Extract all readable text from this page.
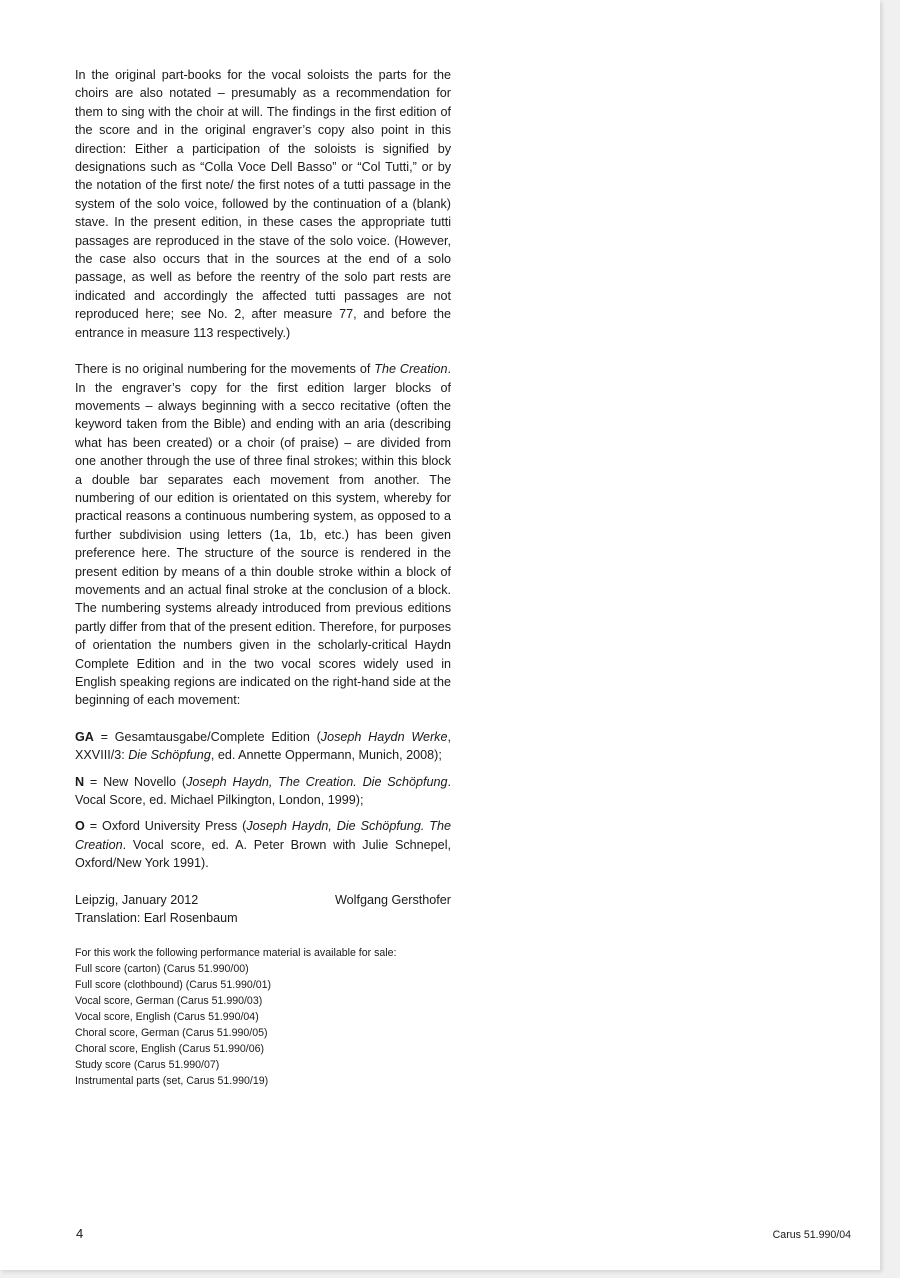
In the original part-books for the vocal soloists the parts for the choirs are also notated – presumably as a recommendation for them to sing with the choir at will. The findings in the first edition of the score and in the original engraver’s copy also point in this direction: Either a participation of the soloists is signified by designations such as “Colla Voce Dell Basso” or “Col Tutti,” or by the notation of the first note/ the first notes of a tutti passage in the system of the solo voice, followed by the continuation of a (blank) stave. In the present edition, in these cases the appropriate tutti passages are reproduced in the stave of the solo voice. (However, the case also occurs that in the sources at the end of a solo passage, as well as before the reentry of the solo part rests are indicated and accordingly the affected tutti passages are not reproduced here; see No. 2, after measure 77, and before the entrance in measure 113 respectively.)

There is no original numbering for the movements of The Creation. In the engraver’s copy for the first edition larger blocks of movements – always beginning with a secco recitative (often the keyword taken from the Bible) and ending with an aria (describing what has been created) or a choir (of praise) – are divided from one another through the use of three final strokes; within this block a double bar separates each movement from another. The numbering of our edition is orientated on this system, whereby for practical reasons a continuous numbering system, as opposed to a further subdivision using letters (1a, 1b, etc.) has been given preference here. The structure of the source is rendered in the present edition by means of a thin double stroke within a block of movements and an actual final stroke at the conclusion of a block. The numbering systems already introduced from previous editions partly differ from that of the present edition. Therefore, for purposes of orientation the numbers given in the scholarly-critical Haydn Complete Edition and in the two vocal scores widely used in English speaking regions are indicated on the right-hand side at the beginning of each movement:

GA = Gesamtausgabe/Complete Edition (Joseph Haydn Werke, XXVIII/3: Die Schöpfung, ed. Annette Oppermann, Munich, 2008);

N = New Novello (Joseph Haydn, The Creation. Die Schöpfung. Vocal Score, ed. Michael Pilkington, London, 1999);

O = Oxford University Press (Joseph Haydn, Die Schöpfung. The Creation. Vocal score, ed. A. Peter Brown with Julie Schnepel, Oxford/New York 1991).

Leipzig, January 2012	Wolfgang Gersthofer
Translation: Earl Rosenbaum

For this work the following performance material is available for sale:

Full score (carton) (Carus 51.990/00)
Full score (clothbound) (Carus 51.990/01)
Vocal score, German (Carus 51.990/03)
Vocal score, English (Carus 51.990/04)
Choral score, German (Carus 51.990/05)
Choral score, English (Carus 51.990/06)
Study score (Carus 51.990/07)
Instrumental parts (set, Carus 51.990/19)
4	Carus 51.990/04
